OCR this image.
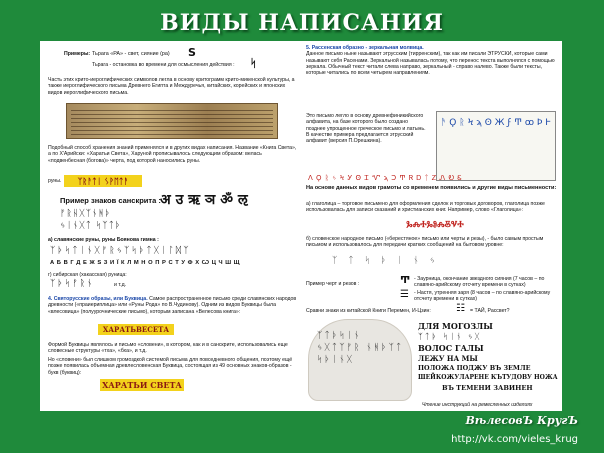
ВИДЫ НАПИСАНИЯ
Примеры: Тьрага «РА» - свет, сияние (ра) S
Тьрага - остановка во времени для осмысления действия :	ᛋ
Часть этих крито-иероглифических символов легла в основу критограмм крито-микенской культуры, а также иероглифического письма Древнего Египта и Междуречья, китайских, корейских и японских видов иероглифического письма.
Подобный способ хранения знаний применялся и в других видах написания. Название «Книга Света», а по Х'Арийски: «Харатьи Света», Харуной прописывалось следующим образом: велась «подвенбесная (богова)» черта, под которой наносились руны.
руны.	ᛉᚱᚨᛏᛁ ᛊᚹᛖᛏᚨ
Пример знаков санскрита : अ उ ऋ ञ ॐ ऌ
ᚠᚱᚺᚷᛉᚾᚻᚦ
ᛃᛁᚾᚷᛏ ᛋᛉᛏᚦ
а) славянские руны, руны Бояновa гимна :
ᛉᚦᛋᛏᛁᚾᚷᚠᚱᛃᛉᛋᚦᛏᚷᛁᛚᛞᛉ
А Б В Г Д Е Ж Ѕ З И Ї К Л М Н О П Р С Т У Ф Х Ѡ Ц Ч Ш Щ
г) сибирская (хакасская) руница:
ᛉᚦᛋᚠᚱᚾ	и т.д.
4. Святорусские образы, или Буквица. Самое распространенное письмо среди славянских народов древности («праиериплица» или «Руны Рода» по В.Чудинову). Одним из видов Буквицы была «влесовица» (полуурочнические письмо), которым записана «Велесова книга»:
ХАРАТЬВЕСЕТА
Формой Буквицы являлось и письмо «словени», в котором, как и в санскрите, использовались еще словесные структуры «тха», «бха», и т.д.
Но «словени» был слишком громоздкой системой письма для повседневного общения, поэтому ещё позже появилась объемная древлесловенская Буквица, состоящая из 49 основных знаков-образов - букв (буквиц):
ХАРАТЬИ СВЕТА
5. Рассенская образно - зеркальная молвица.
Данное письмо ныне называют этрусским (тирренским), так как им писали ЭТРУСКИ, которые сами называют себя Расенами. Зеркальной называлась потому, что перенос текста выполнялся с помощью зеркала. Обычный текст читали слева направо, зеркальный - справо налево. Также были тексты, которые читались по всем четырем направлениям.
Это письмо легло в основу древнефиникийского алфавита, на базе которого было создано позднее упрощенное греческое письмо и латынь. В качестве примера предлагается этрусский алфавит (версия П.Орешкина).
ᚫ Ϙ ᚱ Ϟ ϡ ʘ Ж ϝ Ͳ ꝏ Ϸ Ͱ
Λ Ϙ ᚱ ᛃ Ϟ Ꭹ ʘ Ꮖ Ꮙ ϡ Ͻ Ͳ Ꮢ Ꭰ ᛏ Ꮓ Ꮑ Ꭷ Ꮛ
На основе данных видов грамоты со временем появились и другие виды письменности:
а) глаголица – торговое письмено для оформления сделок и торговых договоров, глаголица позже использовалась для записи сказаний и христианских книг. Например, слово «Глаголица»:
ⰃⰎⰀⰃⰑⰎⰋⰜⰀ
б) словенское народное письмо («берестяное» письмо или черты и резы), - было самым простым письмом и использовалось для передачи кратких сообщений на бытовом уровне:
ᛉ ᛏ ᛋ ᚦ ᛁ ᚾ ᛃ
Пример черт и резов :	Ͳ - Заурница, окончание звездного сияния (7 часов – по славяно-арийскому отсчету времени в сутках)
☰ - Настя, утренняя заря (8 часов – по славяно-арийскому отсчету времени в сутках)
Сравни знаки из китайской Книги Перемен, И-Цзин:	☷ = ТАЙ, Рассвет?
ᛉᛏᚦᛋᛁᚾ ᛃᚷᛏᛉᚠᚱ ᚾᚻᚦᛉᛏ ᛋᚦᛁᚾᚷ
ДЛЯ МОГОЗЛЫ
ᛉᛏᚦ ᛋᛁᚾ ᛃᚷ
ВОЛОС ГАЛЫ
ЛЕЖУ НА МЫ
ПОЛОЖА ПОДЖУ ВЪ ЗЕМЛЕ
ШЕЙКОЖУЛАРЕНЕ КЪТУДОВУ НОЖА
ВЪ ТЕМЕНИ ЗАВИНЕН
Чтение инструкций на ремесленных изделиях
ВѣлесовЪ КругЪ
http://vk.com/vieles_krug
